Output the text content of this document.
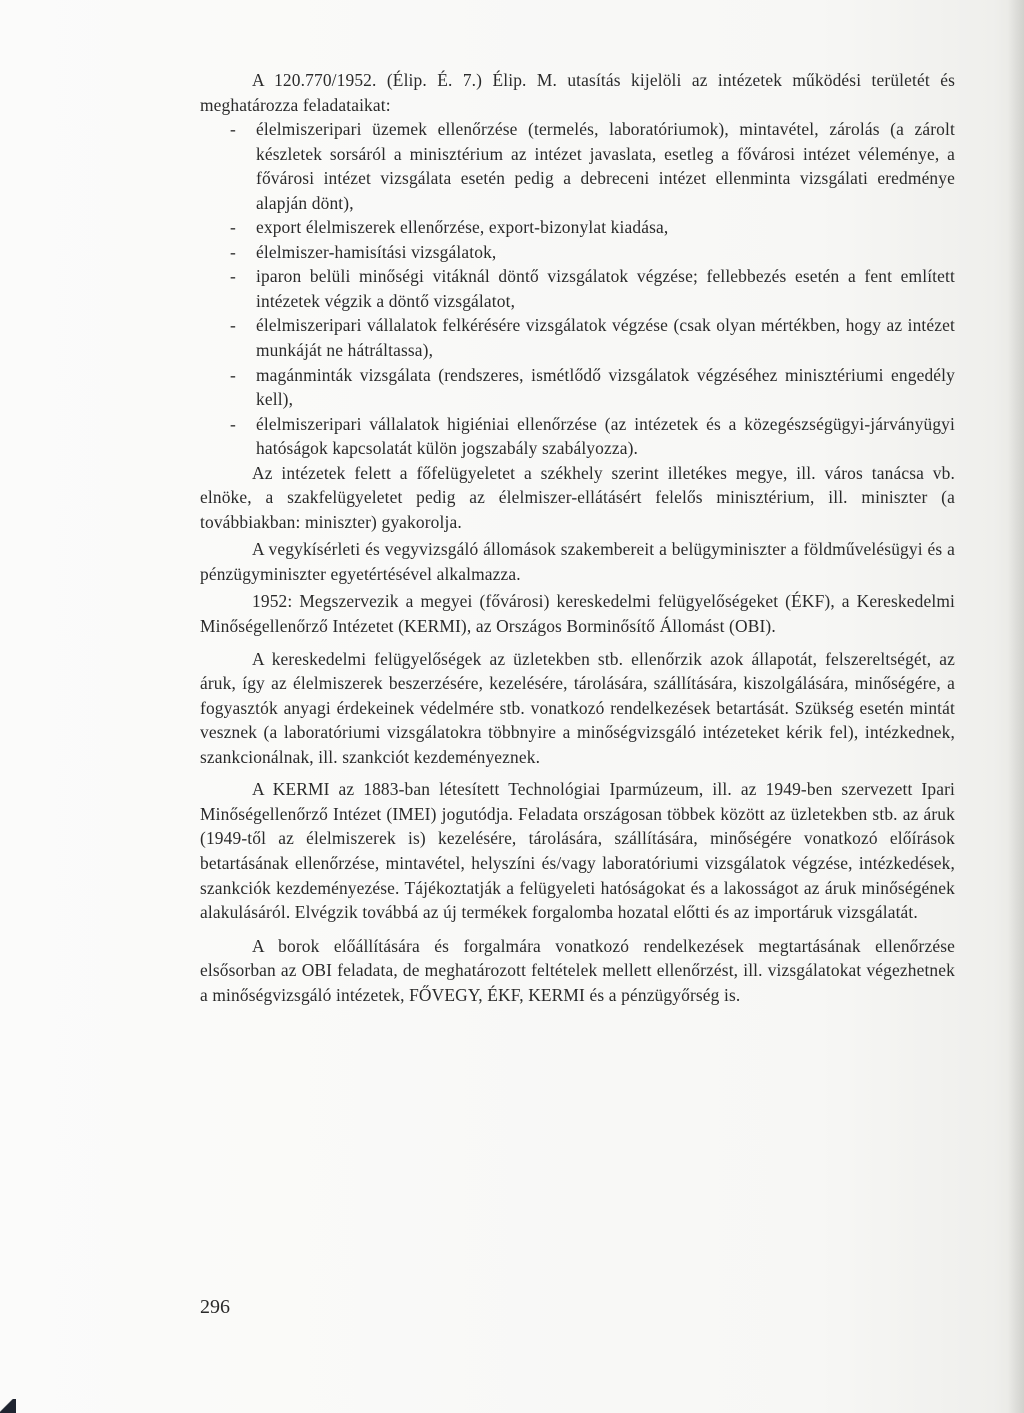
A 120.770/1952. (Élip. É. 7.) Élip. M. utasítás kijelöli az intézetek működési területét és meghatározza feladataikat:

- élelmiszeripari üzemek ellenőrzése (termelés, laboratóriumok), mintavétel, zárolás (a zárolt készletek sorsáról a minisztérium az intézet javaslata, esetleg a fővárosi intézet véleménye, a fővárosi intézet vizsgálata esetén pedig a debreceni intézet ellenminta vizsgálati eredménye alapján dönt),
- export élelmiszerek ellenőrzése, export-bizonylat kiadása,
- élelmiszer-hamisítási vizsgálatok,
- iparon belüli minőségi vitáknál döntő vizsgálatok végzése; fellebbezés esetén a fent említett intézetek végzik a döntő vizsgálatot,
- élelmiszeripari vállalatok felkérésére vizsgálatok végzése (csak olyan mértékben, hogy az intézet munkáját ne hátráltassa),
- magánminták vizsgálata (rendszeres, ismétlődő vizsgálatok végzéséhez minisztériumi engedély kell),
- élelmiszeripari vállalatok higiéniai ellenőrzése (az intézetek és a közegészségügyi-járványügyi hatóságok kapcsolatát külön jogszabály szabályozza).

Az intézetek felett a főfelügyeletet a székhely szerint illetékes megye, ill. város tanácsa vb. elnöke, a szakfelügyeletet pedig az élelmiszer-ellátásért felelős minisztérium, ill. miniszter (a továbbiakban: miniszter) gyakorolja.

A vegykísérleti és vegyvizsgáló állomások szakembereit a belügyminiszter a földművelésügyi és a pénzügyminiszter egyetértésével alkalmazza.

1952: Megszervezik a megyei (fővárosi) kereskedelmi felügyelőségeket (ÉKF), a Kereskedelmi Minőségellenőrző Intézetet (KERMI), az Országos Borminősítő Állomást (OBI).

A kereskedelmi felügyelőségek az üzletekben stb. ellenőrzik azok állapotát, felszereltségét, az áruk, így az élelmiszerek beszerzésére, kezelésére, tárolására, szállítására, kiszolgálására, minőségére, a fogyasztók anyagi érdekeinek védelmére stb. vonatkozó rendelkezések betartását. Szükség esetén mintát vesznek (a laboratóriumi vizsgálatokra többnyire a minőségvizsgáló intézeteket kérik fel), intézkednek, szankcionálnak, ill. szankciót kezdeményeznek.

A KERMI az 1883-ban létesített Technológiai Iparmúzeum, ill. az 1949-ben szervezett Ipari Minőségellenőrző Intézet (IMEI) jogutódja. Feladata országosan többek között az üzletekben stb. az áruk (1949-től az élelmiszerek is) kezelésére, tárolására, szállítására, minőségére vonatkozó előírások betartásának ellenőrzése, mintavétel, helyszíni és/vagy laboratóriumi vizsgálatok végzése, intézkedések, szankciók kezdeményezése. Tájékoztatják a felügyeleti hatóságokat és a lakosságot az áruk minőségének alakulásáról. Elvégzik továbbá az új termékek forgalomba hozatal előtti és az importáruk vizsgálatát.

A borok előállítására és forgalmára vonatkozó rendelkezések megtartásának ellenőrzése elsősorban az OBI feladata, de meghatározott feltételek mellett ellenőrzést, ill. vizsgálatokat végezhetnek a minőségvizsgáló intézetek, FŐVEGY, ÉKF, KERMI és a pénzügyőrség is.

296
